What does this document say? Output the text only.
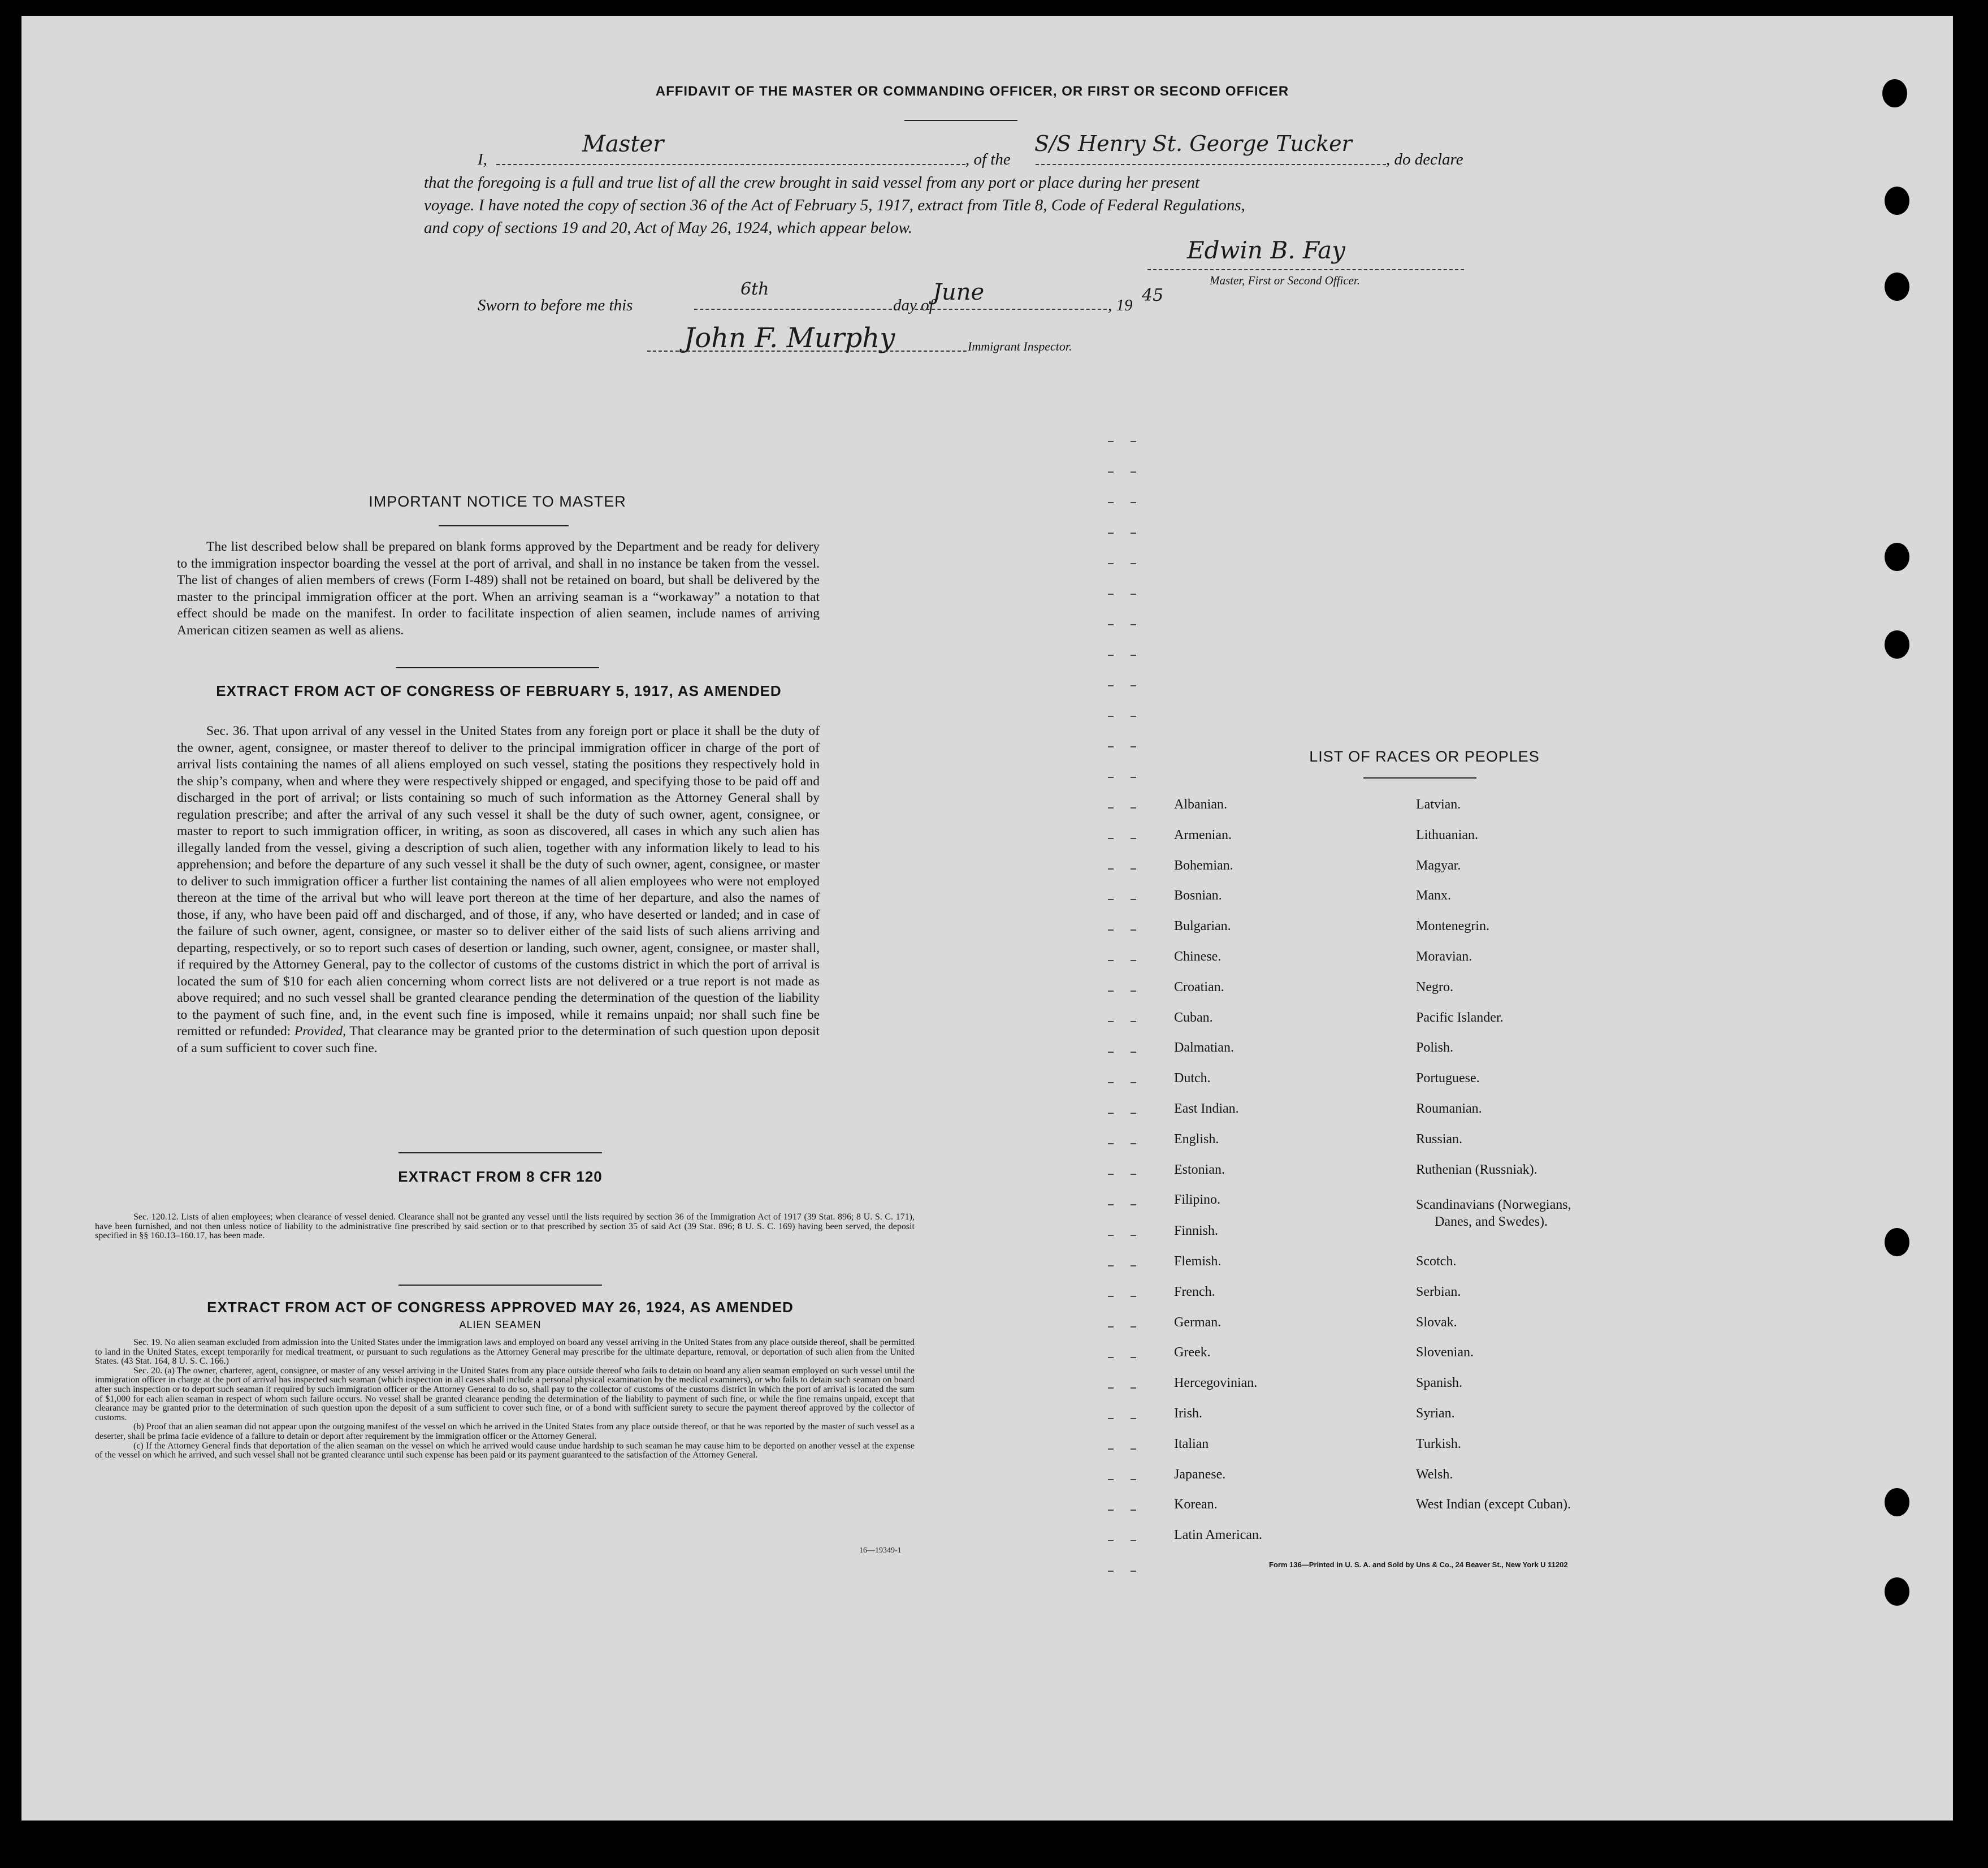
AFFIDAVIT OF THE MASTER OR COMMANDING OFFICER, OR FIRST OR SECOND OFFICER
I,
Master
, of the
S/S Henry St. George Tucker
, do declare
that the foregoing is a full and true list of all the crew brought in said vessel from any port or place during her present
voyage. I have noted the copy of section 36 of the Act of February 5, 1917, extract from Title 8, Code of Federal Regulations,
and copy of sections 19 and 20, Act of May 26, 1924, which appear below.
Edwin B. Fay
Master, First or Second Officer.
Sworn to before me this
6th
day of
June	, 19 45
John F. Murphy	Immigrant Inspector.
IMPORTANT NOTICE TO MASTER
The list described below shall be prepared on blank forms approved by the Department and be ready for delivery to the immigration inspector boarding the vessel at the port of arrival, and shall in no instance be taken from the vessel. The list of changes of alien members of crews (Form I-489) shall not be retained on board, but shall be delivered by the master to the principal immigration officer at the port. When an arriving seaman is a “workaway” a notation to that effect should be made on the manifest. In order to facilitate inspection of alien seamen, include names of arriving American citizen seamen as well as aliens.
EXTRACT FROM ACT OF CONGRESS OF FEBRUARY 5, 1917, AS AMENDED
Sec. 36. That upon arrival of any vessel in the United States from any foreign port or place it shall be the duty of the owner, agent, consignee, or master thereof to deliver to the principal immigration officer in charge of the port of arrival lists containing the names of all aliens employed on such vessel, stating the positions they respectively hold in the ship’s company, when and where they were respectively shipped or engaged, and specifying those to be paid off and discharged in the port of arrival; or lists containing so much of such information as the Attorney General shall by regulation prescribe; and after the arrival of any such vessel it shall be the duty of such owner, agent, consignee, or master to report to such immigration officer, in writing, as soon as discovered, all cases in which any such alien has illegally landed from the vessel, giving a description of such alien, together with any information likely to lead to his apprehension; and before the departure of any such vessel it shall be the duty of such owner, agent, consignee, or master to deliver to such immigration officer a further list containing the names of all alien employees who were not employed thereon at the time of the arrival but who will leave port thereon at the time of her departure, and also the names of those, if any, who have been paid off and discharged, and of those, if any, who have deserted or landed; and in case of the failure of such owner, agent, consignee, or master so to deliver either of the said lists of such aliens arriving and departing, respectively, or so to report such cases of desertion or landing, such owner, agent, consignee, or master shall, if required by the Attorney General, pay to the collector of customs of the customs district in which the port of arrival is located the sum of $10 for each alien concerning whom correct lists are not delivered or a true report is not made as above required; and no such vessel shall be granted clearance pending the determination of the question of the liability to the payment of such fine, and, in the event such fine is imposed, while it remains unpaid; nor shall such fine be remitted or refunded: Provided, That clearance may be granted prior to the determination of such question upon deposit of a sum sufficient to cover such fine.
EXTRACT FROM 8 CFR 120
Sec. 120.12. Lists of alien employees; when clearance of vessel denied. Clearance shall not be granted any vessel until the lists required by section 36 of the Immigration Act of 1917 (39 Stat. 896; 8 U. S. C. 171), have been furnished, and not then unless notice of liability to the administrative fine prescribed by said section or to that prescribed by section 35 of said Act (39 Stat. 896; 8 U. S. C. 169) having been served, the deposit specified in §§ 160.13–160.17, has been made.
EXTRACT FROM ACT OF CONGRESS APPROVED MAY 26, 1924, AS AMENDED
ALIEN SEAMEN
Sec. 19. No alien seaman excluded from admission into the United States under the immigration laws and employed on board any vessel arriving in the United States from any place outside thereof, shall be permitted to land in the United States, except temporarily for medical treatment, or pursuant to such regulations as the Attorney General may prescribe for the ultimate departure, removal, or deportation of such alien from the United States. (43 Stat. 164, 8 U. S. C. 166.)
Sec. 20. (a) The owner, charterer, agent, consignee, or master of any vessel arriving in the United States from any place outside thereof who fails to detain on board any alien seaman employed on such vessel until the immigration officer in charge at the port of arrival has inspected such seaman (which inspection in all cases shall include a personal physical examination by the medical examiners), or who fails to detain such seaman on board after such inspection or to deport such seaman if required by such immigration officer or the Attorney General to do so, shall pay to the collector of customs of the customs district in which the port of arrival is located the sum of $1,000 for each alien seaman in respect of whom such failure occurs. No vessel shall be granted clearance pending the determination of the liability to payment of such fine, or while the fine remains unpaid, except that clearance may be granted prior to the determination of such question upon the deposit of a sum sufficient to cover such fine, or of a bond with sufficient surety to secure the payment thereof approved by the collector of customs.
(b) Proof that an alien seaman did not appear upon the outgoing manifest of the vessel on which he arrived in the United States from any place outside thereof, or that he was reported by the master of such vessel as a deserter, shall be prima facie evidence of a failure to detain or deport after requirement by the immigration officer or the Attorney General.
(c) If the Attorney General finds that deportation of the alien seaman on the vessel on which he arrived would cause undue hardship to such seaman he may cause him to be deported on another vessel at the expense of the vessel on which he arrived, and such vessel shall not be granted clearance until such expense has been paid or its payment guaranteed to the satisfaction of the Attorney General.
16—19349-1
LIST OF RACES OR PEOPLES
Albanian.
Armenian.
Bohemian.
Bosnian.
Bulgarian.
Chinese.
Croatian.
Cuban.
Dalmatian.
Dutch.
East Indian.
English.
Estonian.
Filipino.
Finnish.
Flemish.
French.
German.
Greek.
Hercegovinian.
Irish.
Italian
Japanese.
Korean.
Latin American.
Latvian.
Lithuanian.
Magyar.
Manx.
Montenegrin.
Moravian.
Negro.
Pacific Islander.
Polish.
Portuguese.
Roumanian.
Russian.
Ruthenian (Russniak).
Scandinavians (Norwegians,
Danes, and Swedes).
Scotch.
Serbian.
Slovak.
Slovenian.
Spanish.
Syrian.
Turkish.
Welsh.
West Indian (except Cuban).
Form 136—Printed in U. S. A. and Sold by Uns & Co., 24 Beaver St., New York U 11202
